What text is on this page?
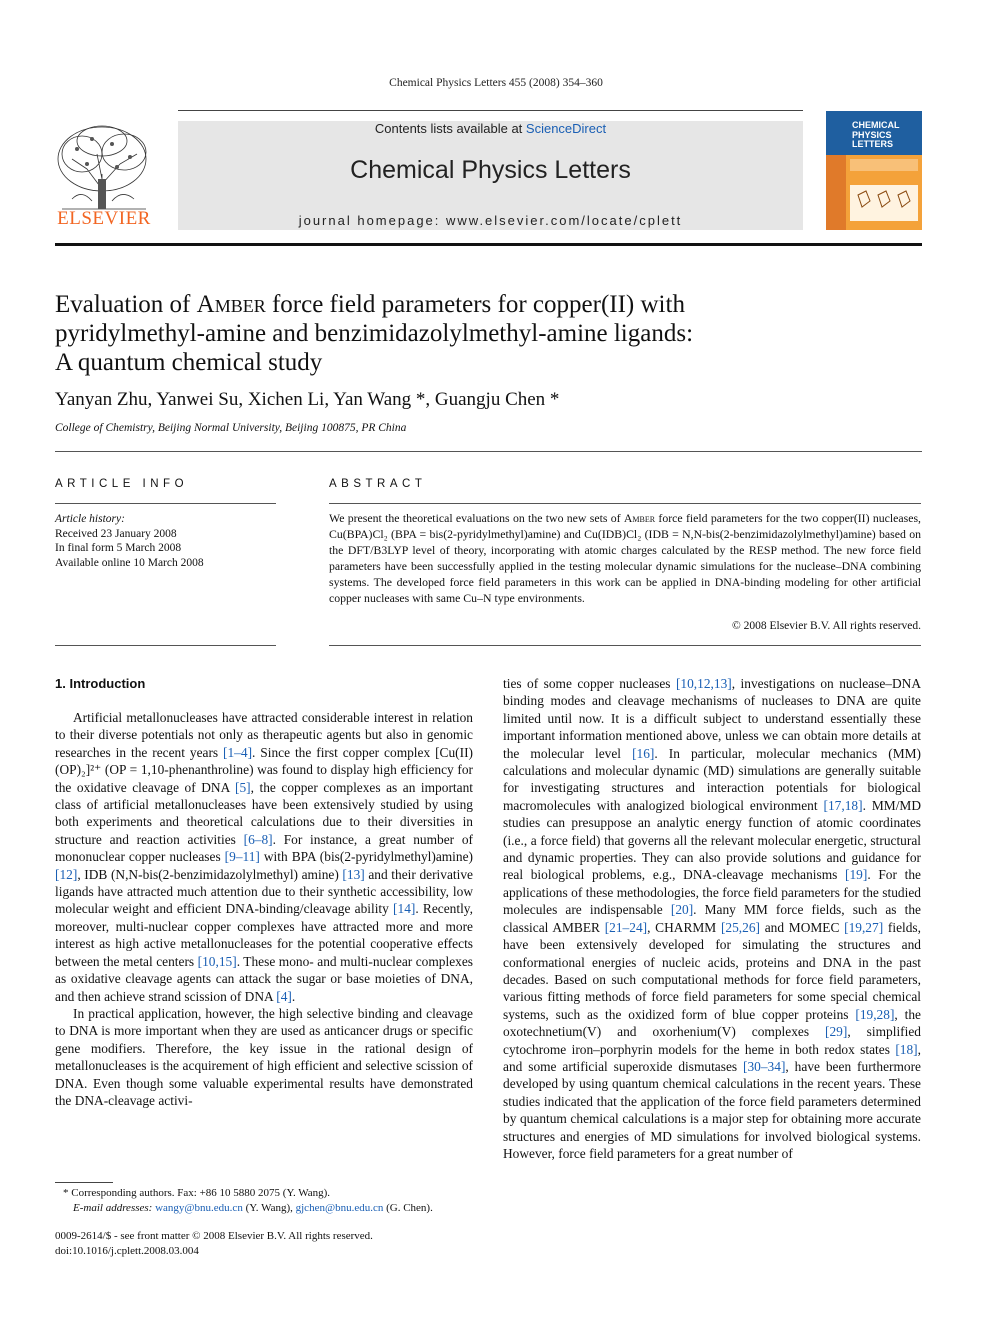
Chemical Physics Letters 455 (2008) 354–360
ELSEVIER
Contents lists available at ScienceDirect
Chemical Physics Letters
journal homepage: www.elsevier.com/locate/cplett
CHEMICAL
PHYSICS
LETTERS
Evaluation of Amber force field parameters for copper(II) with
pyridylmethyl-amine and benzimidazolylmethyl-amine ligands:
A quantum chemical study
Yanyan Zhu, Yanwei Su, Xichen Li, Yan Wang *, Guangju Chen *
College of Chemistry, Beijing Normal University, Beijing 100875, PR China
ARTICLE INFO
Article history:
Received 23 January 2008
In final form 5 March 2008
Available online 10 March 2008
ABSTRACT
We present the theoretical evaluations on the two new sets of Amber force field parameters for the two copper(II) nucleases, Cu(BPA)Cl₂ (BPA = bis(2-pyridylmethyl)amine) and Cu(IDB)Cl₂ (IDB = N,N-bis(2-benzimidazolylmethyl)amine) based on the DFT/B3LYP level of theory, incorporating with atomic charges calculated by the RESP method. The new force field parameters have been successfully applied in the testing molecular dynamic simulations for the nuclease–DNA combining systems. The developed force field parameters in this work can be applied in DNA-binding modeling for other artificial copper nucleases with same Cu–N type environments.
© 2008 Elsevier B.V. All rights reserved.
1. Introduction

Artificial metallonucleases have attracted considerable interest in relation to their diverse potentials not only as therapeutic agents but also in genomic researches in the recent years [1–4]. Since the first copper complex [Cu(II)(OP)₂]²⁺ (OP = 1,10-phenanthroline) was found to display high efficiency for the oxidative cleavage of DNA [5], the copper complexes as an important class of artificial metallonucleases have been extensively studied by using both experiments and theoretical calculations due to their diversities in structure and reaction activities [6–8]. For instance, a great number of mononuclear copper nucleases [9–11] with BPA (bis(2-pyridylmethyl)amine) [12], IDB (N,N-bis(2-benzimidazolylmethyl) amine) [13] and their derivative ligands have attracted much attention due to their synthetic accessibility, low molecular weight and efficient DNA-binding/cleavage ability [14]. Recently, moreover, multi-nuclear copper complexes have attracted more and more interest as high active metallonucleases for the potential cooperative effects between the metal centers [10,15]. These mono- and multi-nuclear complexes as oxidative cleavage agents can attack the sugar or base moieties of DNA, and then achieve strand scission of DNA [4].

In practical application, however, the high selective binding and cleavage to DNA is more important when they are used as anticancer drugs or specific gene modifiers. Therefore, the key issue in the rational design of metallonucleases is the acquirement of high efficient and selective scission of DNA. Even though some valuable experimental results have demonstrated the DNA-cleavage activi-

ties of some copper nucleases [10,12,13], investigations on nuclease–DNA binding modes and cleavage mechanisms of nucleases to DNA are quite limited until now. It is a difficult subject to understand essentially these important information mentioned above, unless we can obtain more details at the molecular level [16]. In particular, molecular mechanics (MM) calculations and molecular dynamic (MD) simulations are generally suitable for investigating structures and interaction potentials for biological macromolecules with analogized biological environment [17,18]. MM/MD studies can presuppose an analytic energy function of atomic coordinates (i.e., a force field) that governs all the relevant molecular energetic, structural and dynamic properties. They can also provide solutions and guidance for real biological problems, e.g., DNA-cleavage mechanisms [19]. For the applications of these methodologies, the force field parameters for the studied molecules are indispensable [20]. Many MM force fields, such as the classical AMBER [21–24], CHARMM [25,26] and MOMEC [19,27] fields, have been extensively developed for simulating the structures and conformational energies of nucleic acids, proteins and DNA in the past decades. Based on such computational methods for force field parameters, various fitting methods of force field parameters for some special chemical systems, such as the oxidized form of blue copper proteins [19,28], the oxotechnetium(V) and oxorhenium(V) complexes [29], simplified cytochrome iron–porphyrin models for the heme in both redox states [18], and some artificial superoxide dismutases [30–34], have been furthermore developed by using quantum chemical calculations in the recent years. These studies indicated that the application of the force field parameters determined by quantum chemical calculations is a major step for obtaining more accurate structures and energies of MD simulations for involved biological systems. However, force field parameters for a great number of

* Corresponding authors. Fax: +86 10 5880 2075 (Y. Wang).
E-mail addresses: wangy@bnu.edu.cn (Y. Wang), gjchen@bnu.edu.cn (G. Chen).
0009-2614/$ - see front matter © 2008 Elsevier B.V. All rights reserved.
doi:10.1016/j.cplett.2008.03.004
